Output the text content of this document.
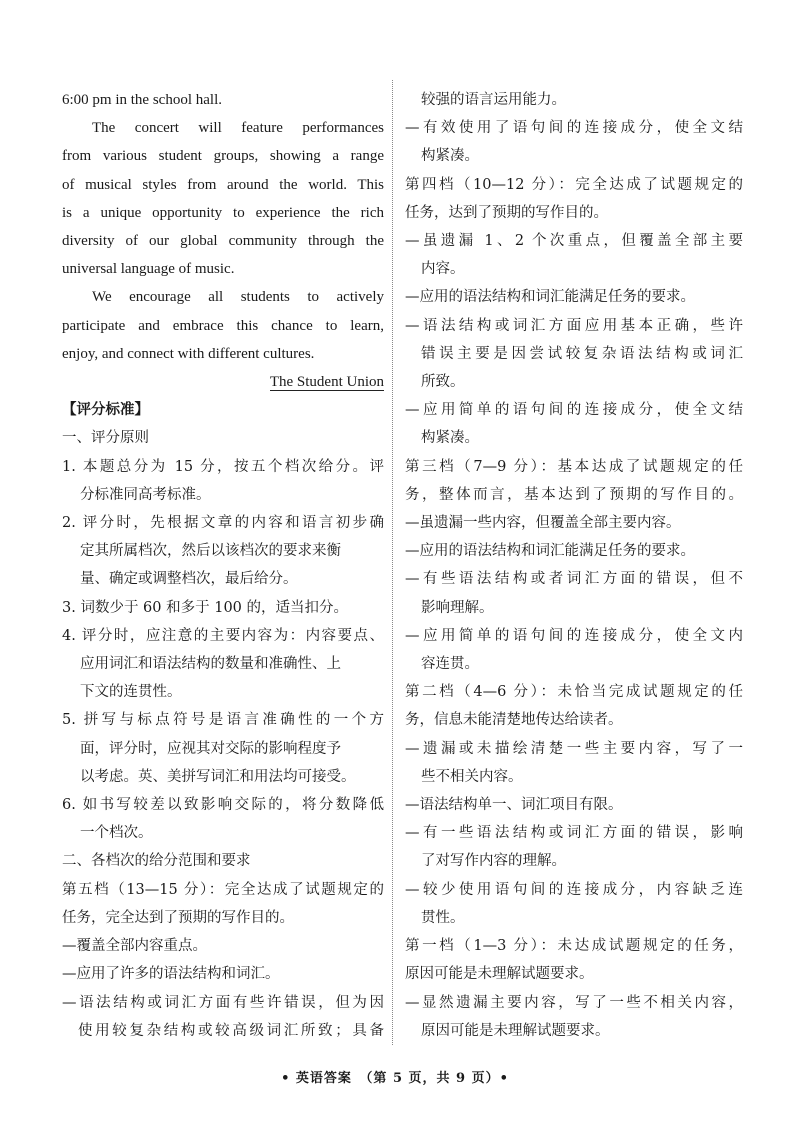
6:00 pm in the school hall.
The concert will feature performances
from various student groups, showing a range
of musical styles from around the world. This
is a unique opportunity to experience the rich
diversity of our global community through the
universal language of music.
We encourage all students to actively
participate and embrace this chance to learn,
enjoy, and connect with different cultures.
The Student Union
【评分标准】
一、评分原则
1. 本题总分为 15 分，按五个档次给分。评
分标准同高考标准。
2. 评分时，先根据文章的内容和语言初步确
定其所属档次，然后以该档次的要求来衡
量、确定或调整档次，最后给分。
3. 词数少于 60 和多于 100 的，适当扣分。
4. 评分时，应注意的主要内容为：内容要点、
应用词汇和语法结构的数量和准确性、上
下文的连贯性。
5. 拼写与标点符号是语言准确性的一个方
面，评分时，应视其对交际的影响程度予
以考虑。英、美拼写词汇和用法均可接受。
6. 如书写较差以致影响交际的，将分数降低
一个档次。
二、各档次的给分范围和要求
第五档（13—15 分）：完全达成了试题规定的
任务，完全达到了预期的写作目的。
—覆盖全部内容重点。
—应用了许多的语法结构和词汇。
—语法结构或词汇方面有些许错误，但为因
使用较复杂结构或较高级词汇所致；具备
较强的语言运用能力。
—有效使用了语句间的连接成分，使全文结
构紧凑。
第四档（10—12 分）：完全达成了试题规定的
任务，达到了预期的写作目的。
—虽遗漏 1、2 个次重点，但覆盖全部主要
内容。
—应用的语法结构和词汇能满足任务的要求。
—语法结构或词汇方面应用基本正确，些许
错误主要是因尝试较复杂语法结构或词汇
所致。
—应用简单的语句间的连接成分，使全文结
构紧凑。
第三档（7—9 分）：基本达成了试题规定的任
务，整体而言，基本达到了预期的写作目的。
—虽遗漏一些内容，但覆盖全部主要内容。
—应用的语法结构和词汇能满足任务的要求。
—有些语法结构或者词汇方面的错误，但不
影响理解。
—应用简单的语句间的连接成分，使全文内
容连贯。
第二档（4—6 分）：未恰当完成试题规定的任
务，信息未能清楚地传达给读者。
—遗漏或未描绘清楚一些主要内容，写了一
些不相关内容。
—语法结构单一、词汇项目有限。
—有一些语法结构或词汇方面的错误，影响
了对写作内容的理解。
—较少使用语句间的连接成分，内容缺乏连
贯性。
第一档（1—3 分）：未达成试题规定的任务，
原因可能是未理解试题要求。
—显然遗漏主要内容，写了一些不相关内容，
原因可能是未理解试题要求。
• 英语答案　（第 5 页，共 9 页）•
